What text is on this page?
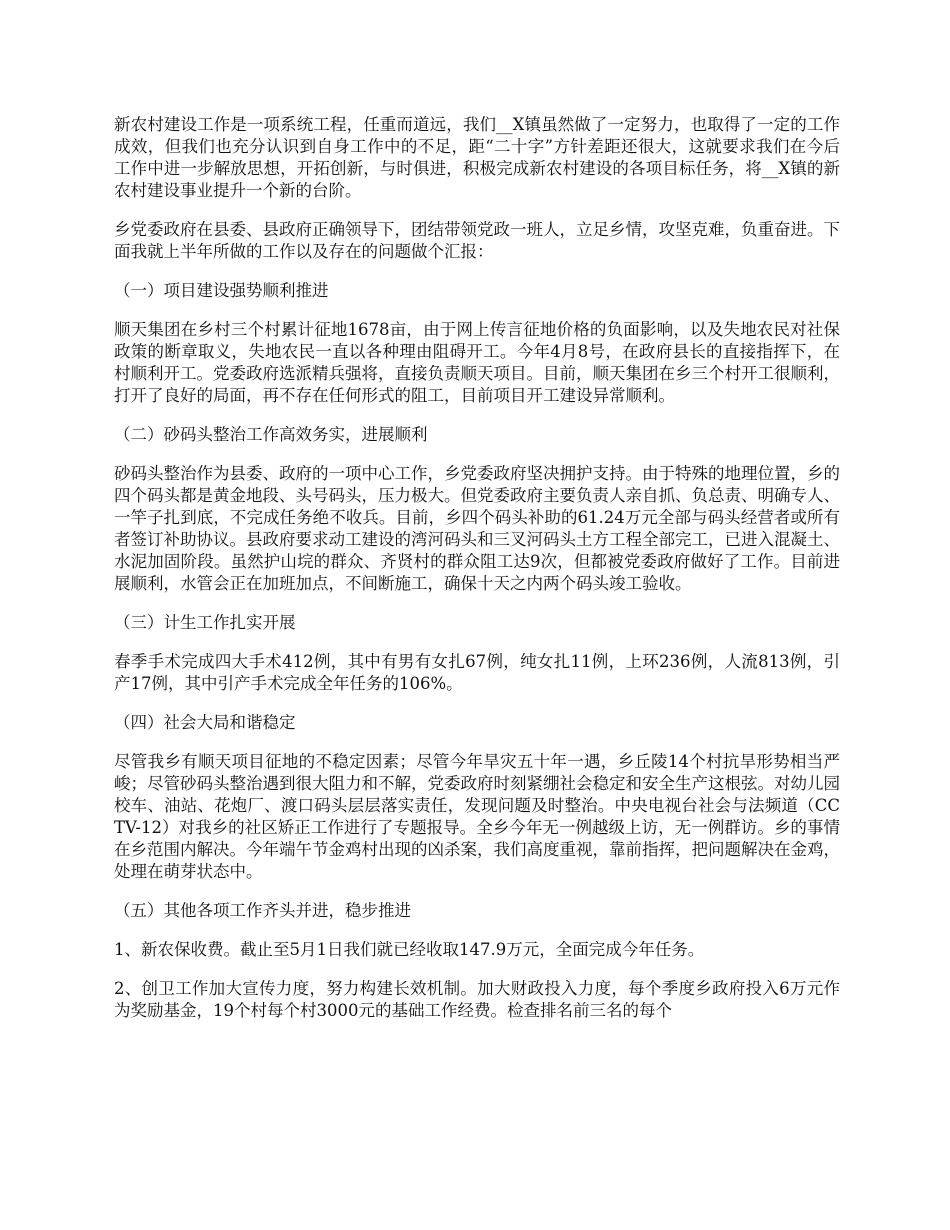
新农村建设工作是一项系统工程，任重而道远，我们__X镇虽然做了一定努力，也取得了一定的工作成效，但我们也充分认识到自身工作中的不足，距“二十字”方针差距还很大，这就要求我们在今后工作中进一步解放思想，开拓创新，与时俱进，积极完成新农村建设的各项目标任务，将__X镇的新农村建设事业提升一个新的台阶。

乡党委政府在县委、县政府正确领导下，团结带领党政一班人，立足乡情，攻坚克难，负重奋进。下面我就上半年所做的工作以及存在的问题做个汇报：

（一）项目建设强势顺利推进

顺天集团在乡村三个村累计征地1678亩，由于网上传言征地价格的负面影响，以及失地农民对社保政策的断章取义，失地农民一直以各种理由阻碍开工。今年4月8号，在政府县长的直接指挥下，在村顺利开工。党委政府选派精兵强将，直接负责顺天项目。目前，顺天集团在乡三个村开工很顺利，打开了良好的局面，再不存在任何形式的阻工，目前项目开工建设异常顺利。

（二）砂码头整治工作高效务实，进展顺利

砂码头整治作为县委、政府的一项中心工作，乡党委政府坚决拥护支持。由于特殊的地理位置，乡的四个码头都是黄金地段、头号码头，压力极大。但党委政府主要负责人亲自抓、负总责、明确专人、一竿子扎到底，不完成任务绝不收兵。目前，乡四个码头补助的61.24万元全部与码头经营者或所有者签订补助协议。县政府要求动工建设的湾河码头和三叉河码头土方工程全部完工，已进入混凝土、水泥加固阶段。虽然护山垸的群众、齐贤村的群众阻工达9次，但都被党委政府做好了工作。目前进展顺利，水管会正在加班加点，不间断施工，确保十天之内两个码头竣工验收。

（三）计生工作扎实开展

春季手术完成四大手术412例，其中有男有女扎67例，纯女扎11例，上环236例，人流813例，引产17例，其中引产手术完成全年任务的106%。

（四）社会大局和谐稳定

尽管我乡有顺天项目征地的不稳定因素；尽管今年旱灾五十年一遇，乡丘陵14个村抗旱形势相当严峻；尽管砂码头整治遇到很大阻力和不解，党委政府时刻紧绷社会稳定和安全生产这根弦。对幼儿园校车、油站、花炮厂、渡口码头层层落实责任，发现问题及时整治。中央电视台社会与法频道（CCTV-12）对我乡的社区矫正工作进行了专题报导。全乡今年无一例越级上访，无一例群访。乡的事情在乡范围内解决。今年端午节金鸡村出现的凶杀案，我们高度重视，靠前指挥，把问题解决在金鸡，处理在萌芽状态中。

（五）其他各项工作齐头并进，稳步推进

1、新农保收费。截止至5月1日我们就已经收取147.9万元，全面完成今年任务。

2、创卫工作加大宣传力度，努力构建长效机制。加大财政投入力度，每个季度乡政府投入6万元作为奖励基金，19个村每个村3000元的基础工作经费。检查排名前三名的每个
